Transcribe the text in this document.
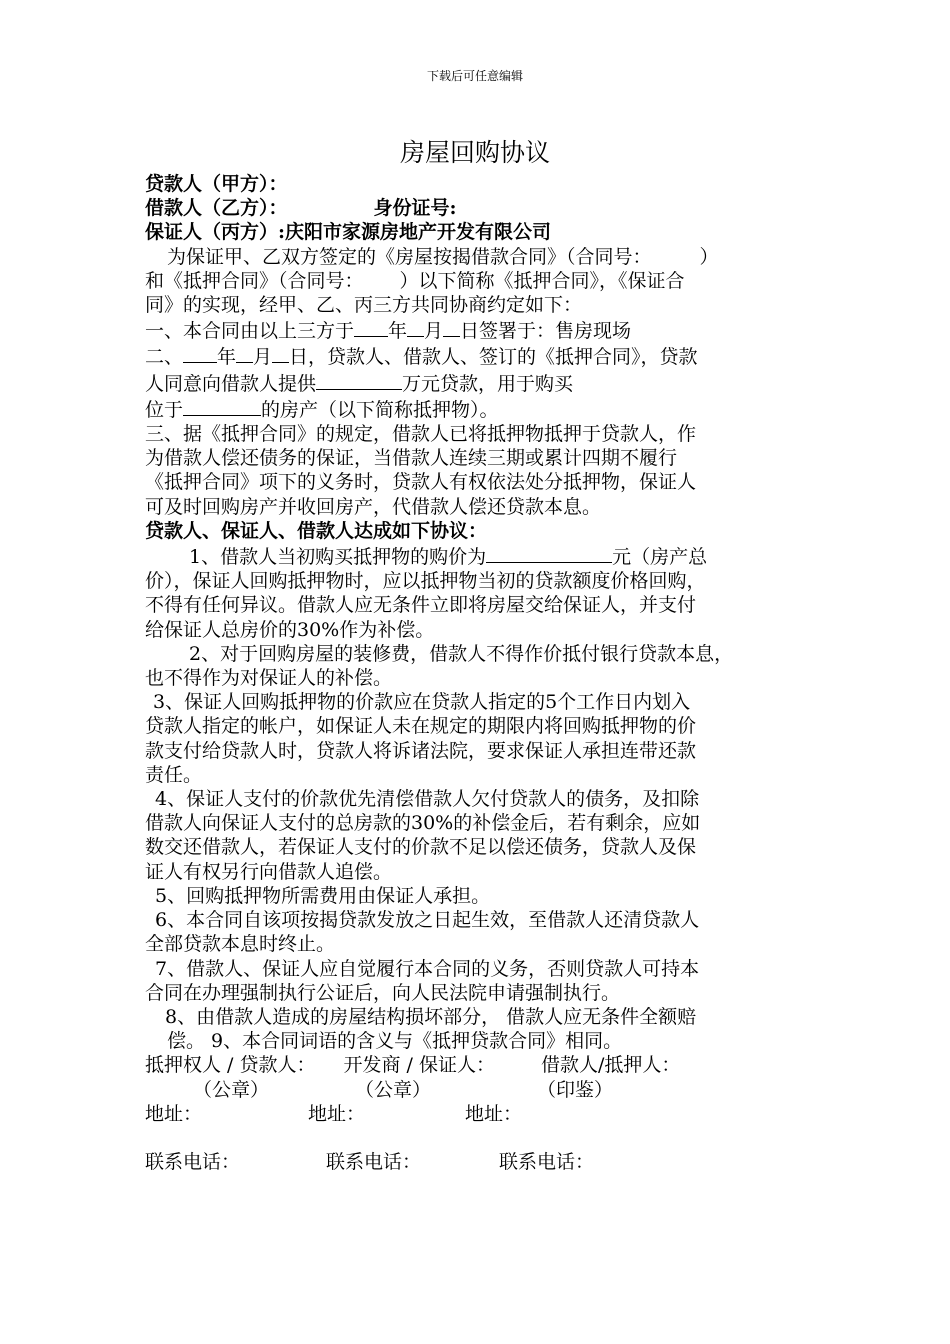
下载后可任意编辑
房屋回购协议

贷款人（甲方）：

借款人（乙方）：	身份证号:

保证人（丙方）:庆阳市家源房地产开发有限公司

为保证甲、乙双方签定的《房屋按揭借款合同》（合同号：	）

和《抵押合同》（合同号： ）以下简称《抵押合同》，《保证合

同》的实现，经甲、乙、丙三方共同协商约定如下：

一、本合同由以上三方于 年 月 日签署于：售房现场

二、 年 月 日，贷款人、借款人、签订的《抵押合同》，贷款

人同意向借款人提供	万元贷款，用于购买

位于	的房产（以下简称抵押物）。

三、据《抵押合同》的规定，借款人已将抵押物抵押于贷款人，作

为借款人偿还债务的保证，当借款人连续三期或累计四期不履行

《抵押合同》项下的义务时，贷款人有权依法处分抵押物，保证人

可及时回购房产并收回房产，代借款人偿还贷款本息。

贷款人、保证人、借款人达成如下协议：

1、借款人当初购买抵押物的购价为	元（房产总

价），保证人回购抵押物时，应以抵押物当初的贷款额度价格回购，

不得有任何异议。借款人应无条件立即将房屋交给保证人，并支付

给保证人总房价的30%作为补偿。

2、对于回购房屋的装修费，借款人不得作价抵付银行贷款本息，

也不得作为对保证人的补偿。

3、保证人回购抵押物的价款应在贷款人指定的5个工作日内划入

贷款人指定的帐户，如保证人未在规定的期限内将回购抵押物的价

款支付给贷款人时，贷款人将诉诸法院，要求保证人承担连带还款

责任。

4、保证人支付的价款优先清偿借款人欠付贷款人的债务，及扣除

借款人向保证人支付的总房款的30%的补偿金后，若有剩余，应如

数交还借款人，若保证人支付的价款不足以偿还债务，贷款人及保

证人有权另行向借款人追偿。

5、回购抵押物所需费用由保证人承担。

6、本合同自该项按揭贷款发放之日起生效，至借款人还清贷款人

全部贷款本息时终止。

7、借款人、保证人应自觉履行本合同的义务，否则贷款人可持本

合同在办理强制执行公证后，向人民法院申请强制执行。

8、由借款人造成的房屋结构损坏部分， 借款人应无条件全额赔

偿。 9、本合同词语的含义与《抵押贷款合同》相同。

抵押权人 / 贷款人： 开发商 / 保证人： 借款人/抵押人：

（公章）	（公章）	（印鉴）

地址：	地址：	地址：

联系电话：	联系电话：	联系电话：
